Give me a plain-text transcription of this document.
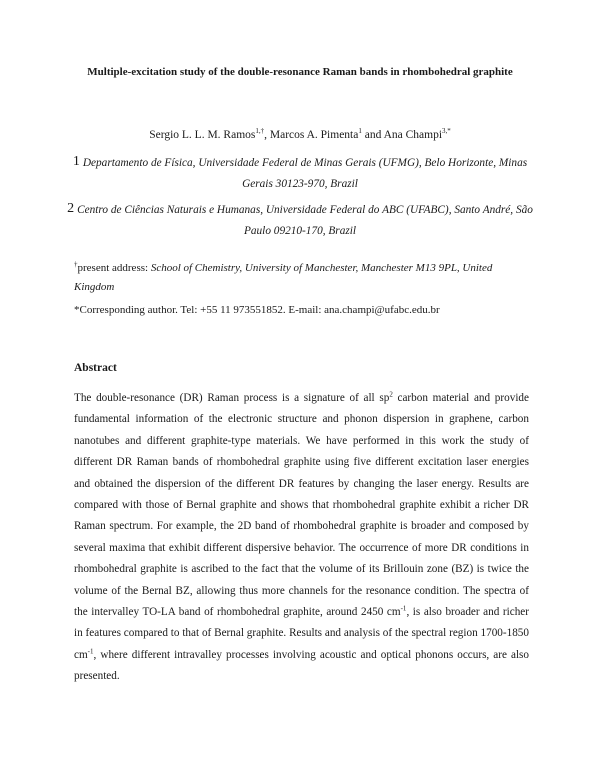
Multiple-excitation study of the double-resonance Raman bands in rhombohedral graphite
Sergio L. L. M. Ramos$^{1,\dagger}$, Marcos A. Pimenta$^1$ and Ana Champi$^{3,*}$
1 Departamento de Física, Universidade Federal de Minas Gerais (UFMG), Belo Horizonte, Minas Gerais 30123-970, Brazil
2 Centro de Ciências Naturais e Humanas, Universidade Federal do ABC (UFABC), Santo André, São Paulo 09210-170, Brazil
†present address: School of Chemistry, University of Manchester, Manchester M13 9PL, United Kingdom
*Corresponding author. Tel: +55 11 973551852. E-mail: ana.champi@ufabc.edu.br
Abstract

The double-resonance (DR) Raman process is a signature of all $sp^2$ carbon material and provide fundamental information of the electronic structure and phonon dispersion in graphene, carbon nanotubes and different graphite-type materials. We have performed in this work the study of different DR Raman bands of rhombohedral graphite using five different excitation laser energies and obtained the dispersion of the different DR features by changing the laser energy. Results are compared with those of Bernal graphite and shows that rhombohedral graphite exhibit a richer DR Raman spectrum. For example, the 2D band of rhombohedral graphite is broader and composed by several maxima that exhibit different dispersive behavior. The occurrence of more DR conditions in rhombohedral graphite is ascribed to the fact that the volume of its Brillouin zone (BZ) is twice the volume of the Bernal BZ, allowing thus more channels for the resonance condition. The spectra of the intervalley TO-LA band of rhombohedral graphite, around 2450 $cm^{-1}$, is also broader and richer in features compared to that of Bernal graphite. Results and analysis of the spectral region 1700-1850 $cm^{-1}$, where different intravalley processes involving acoustic and optical phonons occurs, are also presented.
